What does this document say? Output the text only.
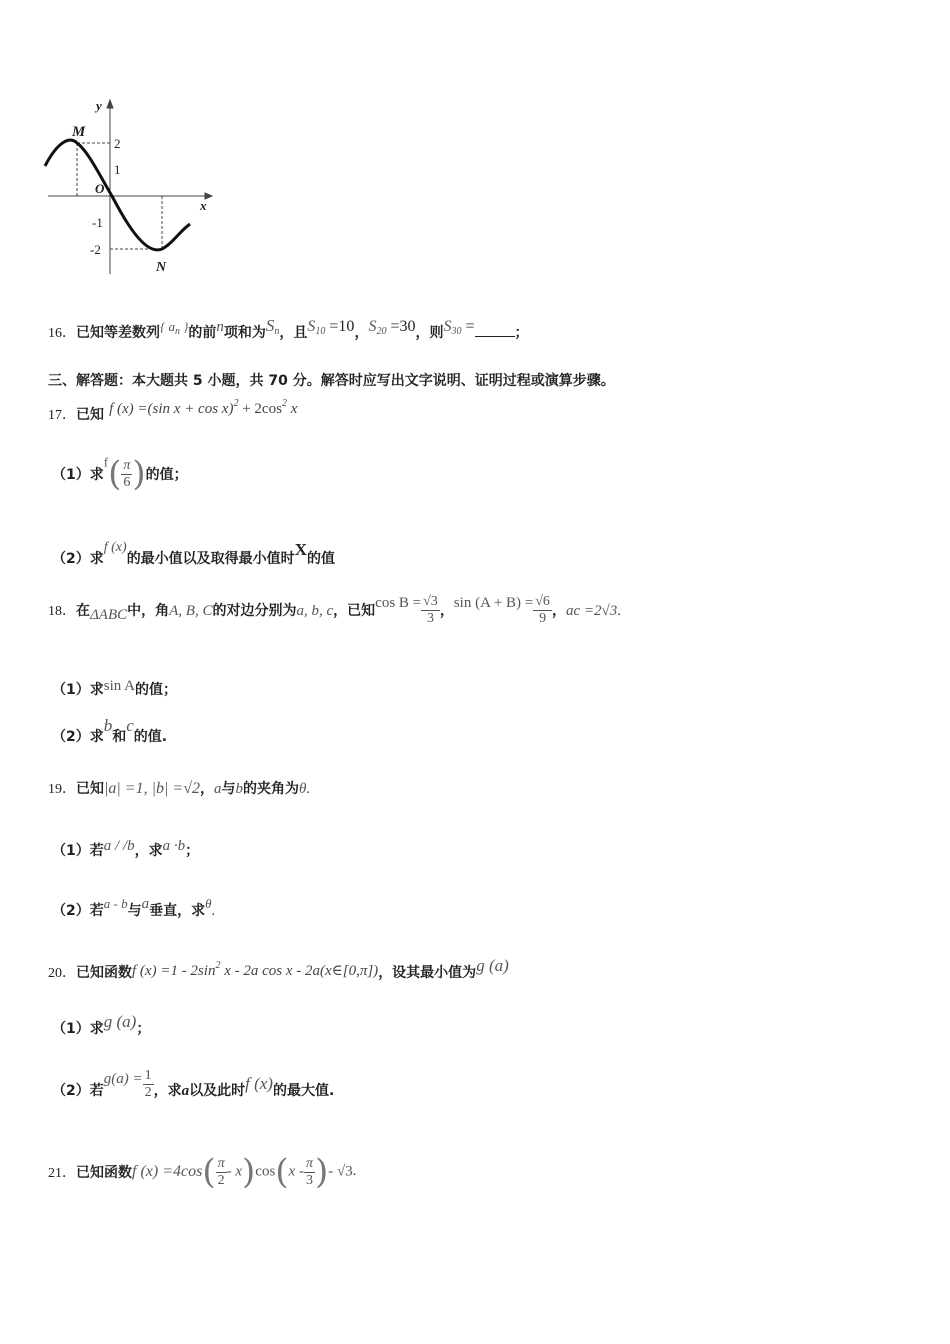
y
x
O
M
N
2
1
-1
-2
16．已知等差数列$^{\{ a_n \}}$的前n项和为$S_n$，且$S_{10} =10$，$S_{20} =30$，则$S_{30}$ =	；
三、解答题：本大题共 5 小题，共 70 分。解答时应写出文字说明、证明过程或演算步骤。
17．已知 f (x) =(sin $x + \cos x)^2 + 2\cos^2$ x
（1）求$^f( \frac{\pi}{6}$ )的值；
（2）求f (x)的最小值以及取得最小值时X的值
18．在ΔABC中，角A, B, C的对边分别为a, b, c，已知$\cos B = \frac{√3}{3}$ ，$\sin (A + B) = \frac{√6}{9}$ ，ac =2√3.
（1）求sin A的值；
（2）求b和c的值.
19．已知|a| =1, |b| =√2，a与b的夹角为θ.
（1）若a / /b，求a ·b；
（2）若$^{a - b}$与a垂直，求$^\theta$.
20．已知函数f $(x) =1 - 2\sin^2$ x - 2a cos x - 2a(x∈[0,π])，设其最小值为g (a)
（1）求g (a)；
（2）若$g(a) = \frac{1}{2}$ ，求a以及此时f (x)的最大值.
21．已知函数f $(x) =4\cos( \frac{\pi}{2} - x)\cos(x - \frac{\pi}{3}$ )- √3.
